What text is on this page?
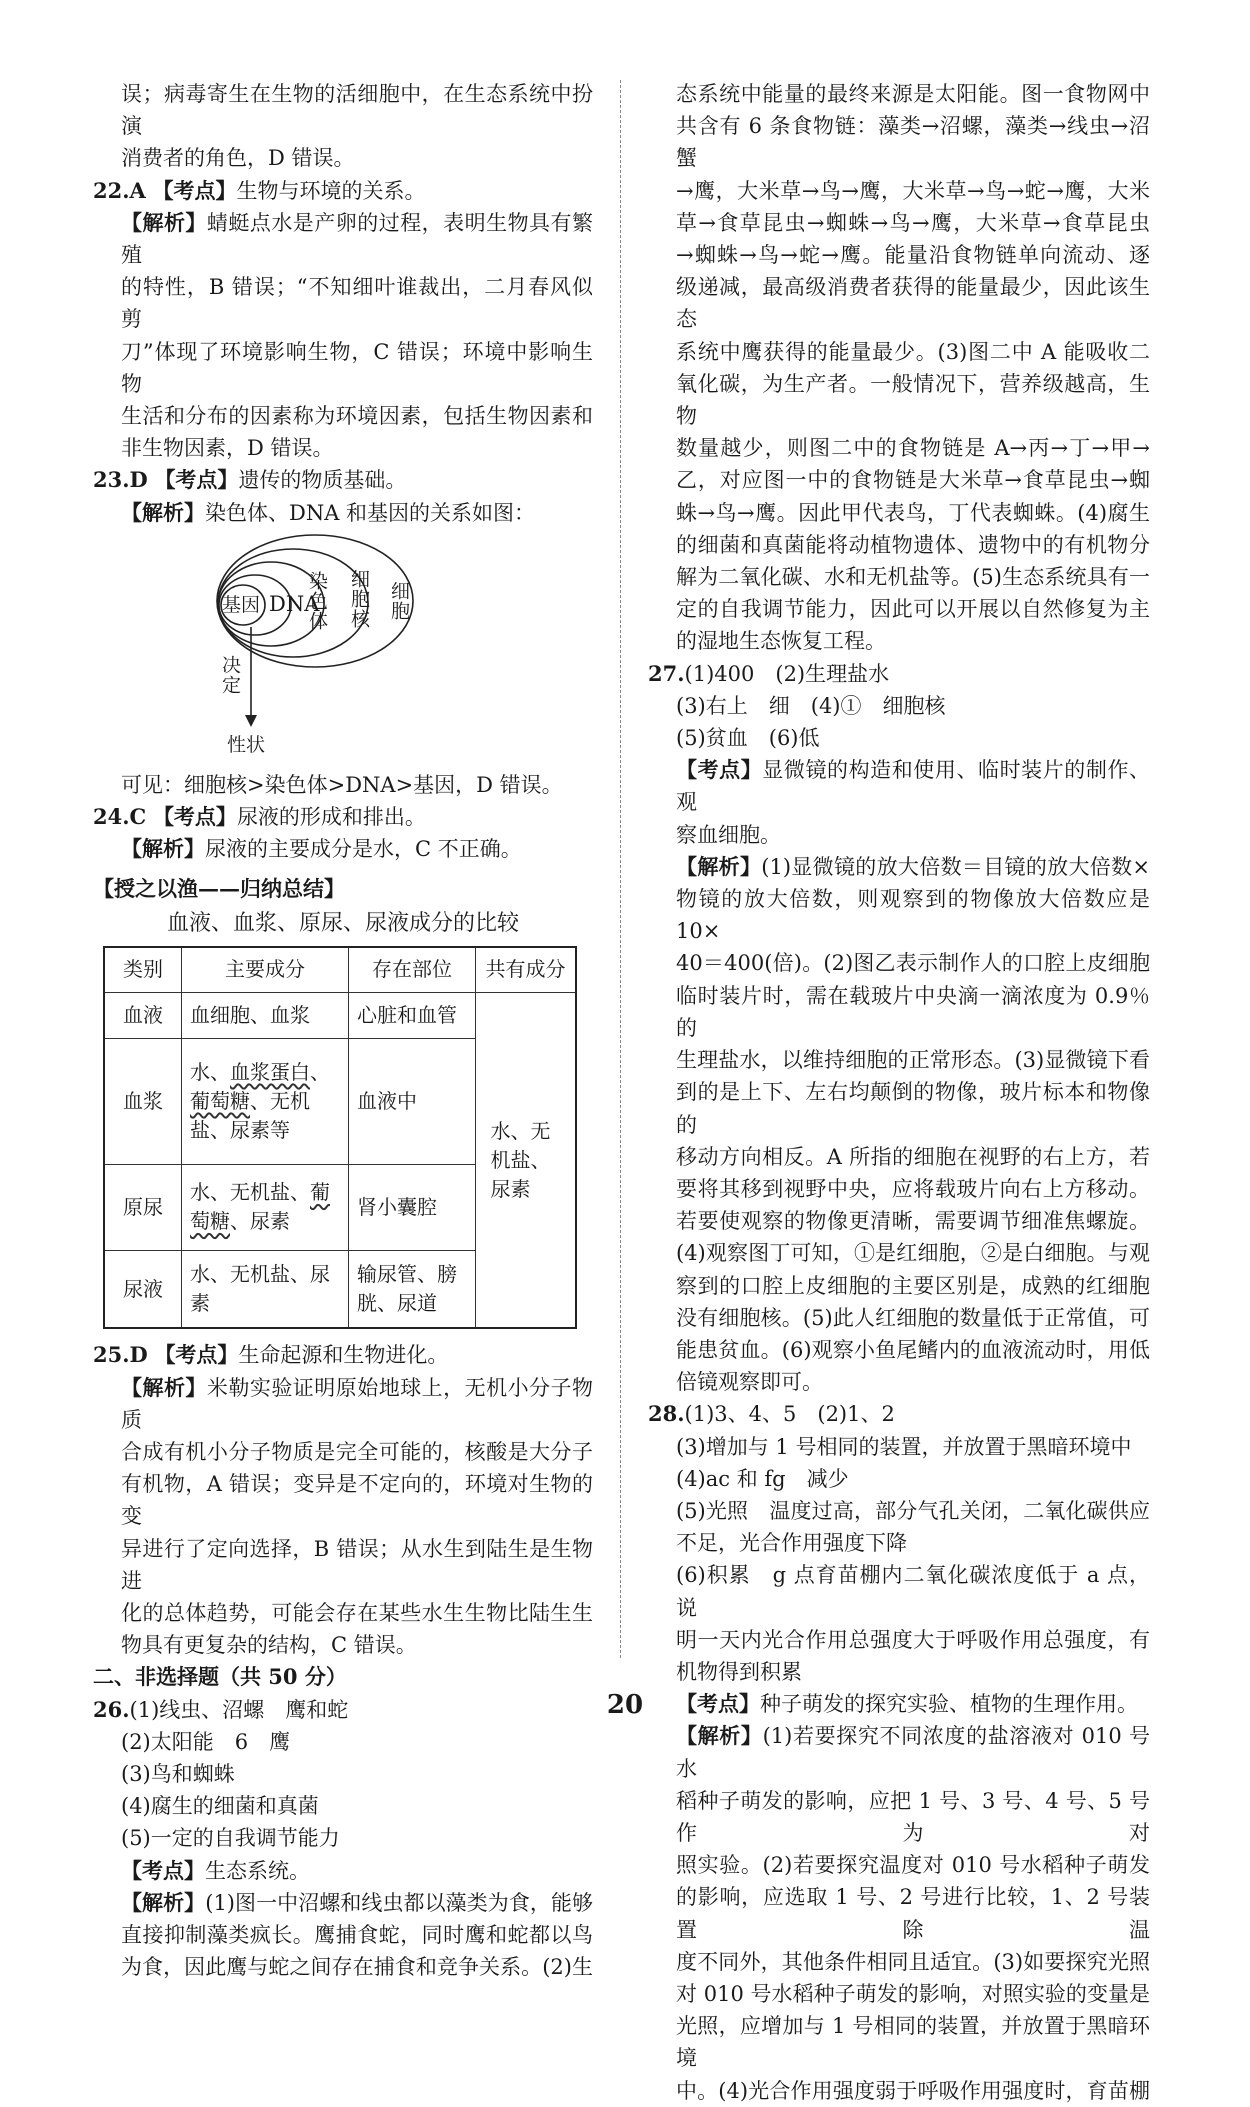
误；病毒寄生在生物的活细胞中，在生态系统中扮演

消费者的角色，D 错误。

22.A 【考点】生物与环境的关系。

【解析】蜻蜓点水是产卵的过程，表明生物具有繁殖

的特性，B 错误；“不知细叶谁裁出，二月春风似剪

刀”体现了环境影响生物，C 错误；环境中影响生物

生活和分布的因素称为环境因素，包括生物因素和

非生物因素，D 错误。

23.D 【考点】遗传的物质基础。

【解析】染色体、DNA 和基因的关系如图：

基因 DNA
染色体 细胞核 细胞
决定
性状

可见：细胞核>染色体>DNA>基因，D 错误。

24.C 【考点】尿液的形成和排出。

【解析】尿液的主要成分是水，C 不正确。

【授之以渔——归纳总结】

血液、血浆、原尿、尿液成分的比较

类别	主要成分	存在部位	共有成分
血液	血细胞、血浆	心脏和血管	水、无机盐、尿素
血浆	水、血浆蛋白、葡萄糖、无机盐、尿素等	血液中	
原尿	水、无机盐、葡萄糖、尿素	肾小囊腔	
尿液	水、无机盐、尿素	输尿管、膀胱、尿道	

25.D 【考点】生命起源和生物进化。

【解析】米勒实验证明原始地球上，无机小分子物质

合成有机小分子物质是完全可能的，核酸是大分子

有机物，A 错误；变异是不定向的，环境对生物的变

异进行了定向选择，B 错误；从水生到陆生是生物进

化的总体趋势，可能会存在某些水生生物比陆生生

物具有更复杂的结构，C 错误。

二、非选择题（共 50 分）

26.(1)线虫、沼螺　鹰和蛇

(2)太阳能　6　鹰

(3)鸟和蜘蛛

(4)腐生的细菌和真菌

(5)一定的自我调节能力

【考点】生态系统。

【解析】(1)图一中沼螺和线虫都以藻类为食，能够

直接抑制藻类疯长。鹰捕食蛇，同时鹰和蛇都以鸟

为食，因此鹰与蛇之间存在捕食和竞争关系。(2)生

态系统中能量的最终来源是太阳能。图一食物网中

共含有 6 条食物链：藻类→沼螺，藻类→线虫→沼蟹

→鹰，大米草→鸟→鹰，大米草→鸟→蛇→鹰，大米

草→食草昆虫→蜘蛛→鸟→鹰，大米草→食草昆虫

→蜘蛛→鸟→蛇→鹰。能量沿食物链单向流动、逐

级递减，最高级消费者获得的能量最少，因此该生态

系统中鹰获得的能量最少。(3)图二中 A 能吸收二

氧化碳，为生产者。一般情况下，营养级越高，生物

数量越少，则图二中的食物链是 A→丙→丁→甲→

乙，对应图一中的食物链是大米草→食草昆虫→蜘

蛛→鸟→鹰。因此甲代表鸟，丁代表蜘蛛。(4)腐生

的细菌和真菌能将动植物遗体、遗物中的有机物分

解为二氧化碳、水和无机盐等。(5)生态系统具有一

定的自我调节能力，因此可以开展以自然修复为主

的湿地生态恢复工程。

27.(1)400　(2)生理盐水

(3)右上　细　(4)①　细胞核

(5)贫血　(6)低

【考点】显微镜的构造和使用、临时装片的制作、观

察血细胞。

【解析】(1)显微镜的放大倍数＝目镜的放大倍数×

物镜的放大倍数，则观察到的物像放大倍数应是 10×

40＝400(倍)。(2)图乙表示制作人的口腔上皮细胞

临时装片时，需在载玻片中央滴一滴浓度为 0.9％的

生理盐水，以维持细胞的正常形态。(3)显微镜下看

到的是上下、左右均颠倒的物像，玻片标本和物像的

移动方向相反。A 所指的细胞在视野的右上方，若

要将其移到视野中央，应将载玻片向右上方移动。

若要使观察的物像更清晰，需要调节细准焦螺旋。

(4)观察图丁可知，①是红细胞，②是白细胞。与观

察到的口腔上皮细胞的主要区别是，成熟的红细胞

没有细胞核。(5)此人红细胞的数量低于正常值，可

能患贫血。(6)观察小鱼尾鳍内的血液流动时，用低

倍镜观察即可。

28.(1)3、4、5　(2)1、2

(3)增加与 1 号相同的装置，并放置于黑暗环境中

(4)ac 和 fg　减少

(5)光照　温度过高，部分气孔关闭，二氧化碳供应

不足，光合作用强度下降

(6)积累　g 点育苗棚内二氧化碳浓度低于 a 点，说

明一天内光合作用总强度大于呼吸作用总强度，有

机物得到积累

【考点】种子萌发的探究实验、植物的生理作用。

【解析】(1)若要探究不同浓度的盐溶液对 010 号水

稻种子萌发的影响，应把 1 号、3 号、4 号、5 号作为对

照实验。(2)若要探究温度对 010 号水稻种子萌发

的影响，应选取 1 号、2 号进行比较，1、2 号装置除温

度不同外，其他条件相同且适宜。(3)如要探究光照

对 010 号水稻种子萌发的影响，对照实验的变量是

光照，应增加与 1 号相同的装置，并放置于黑暗环境

中。(4)光合作用强度弱于呼吸作用强度时，育苗棚

20
